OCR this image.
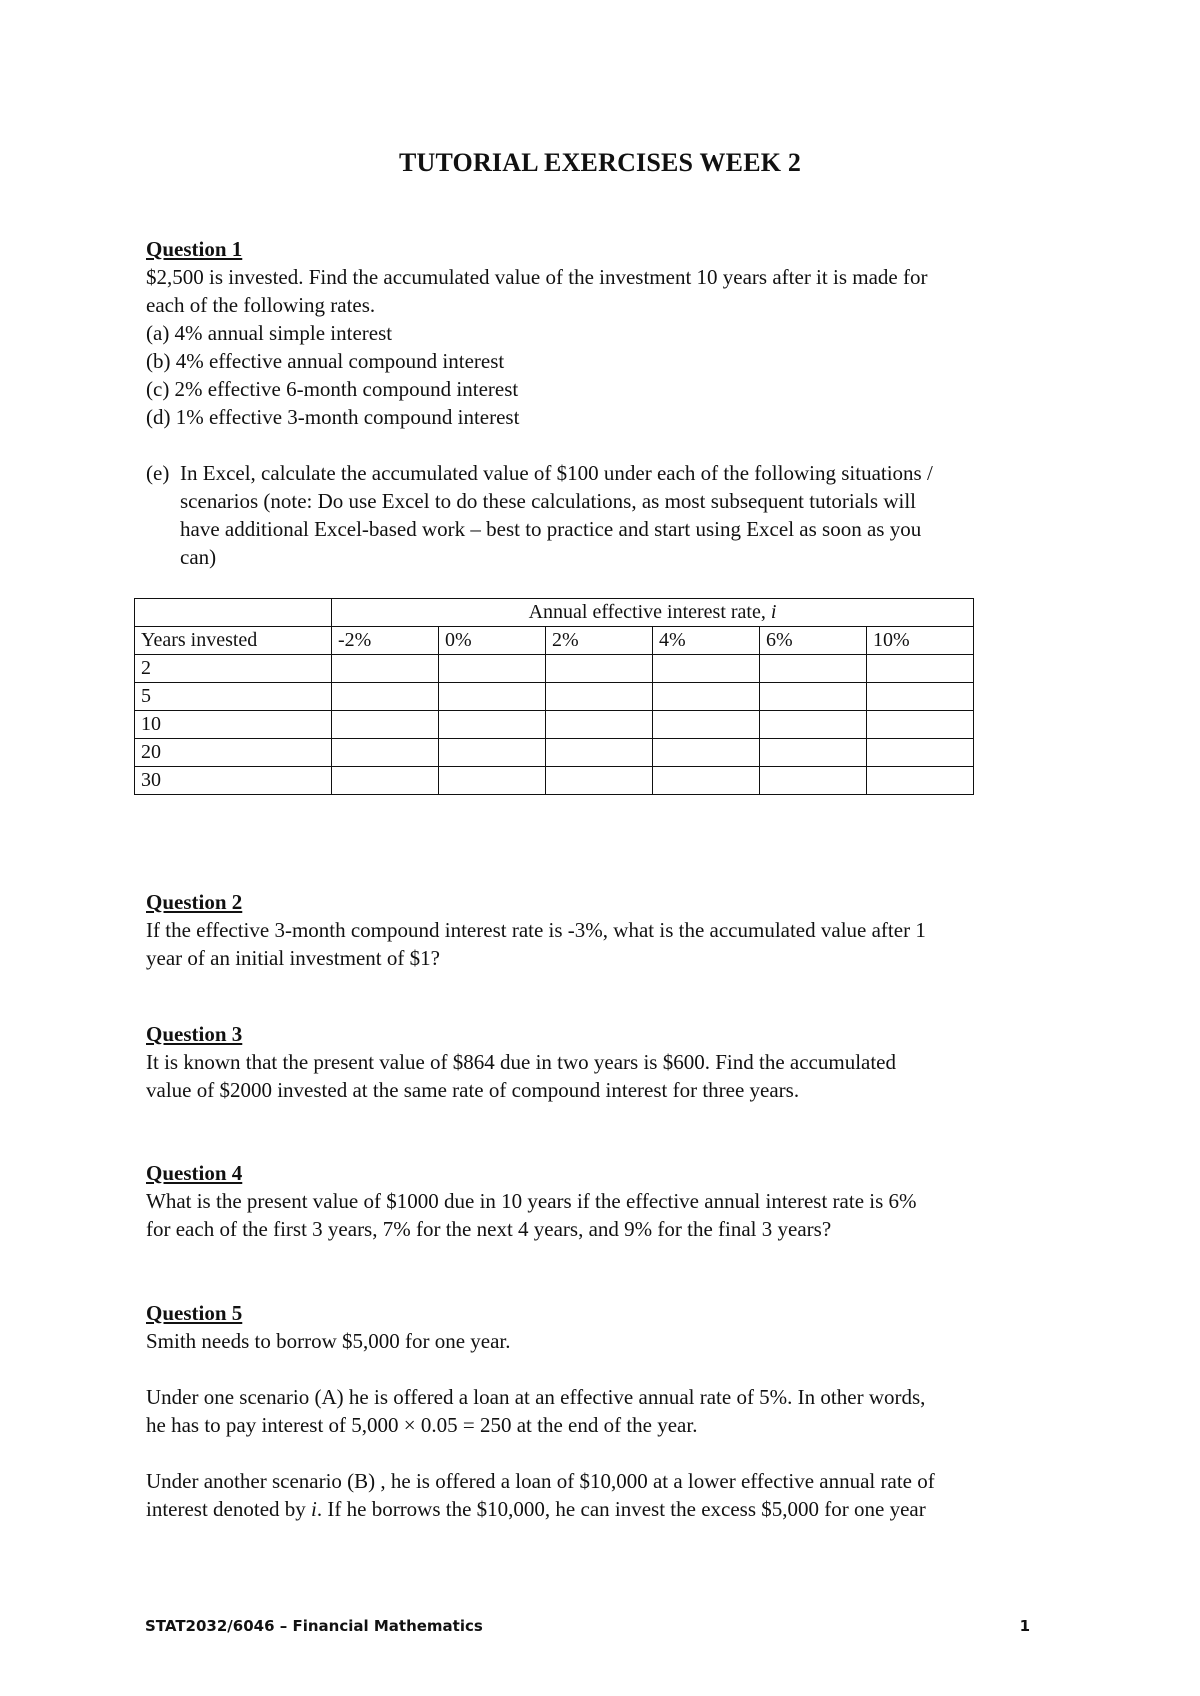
TUTORIAL EXERCISES WEEK 2
Question 1
$2,500 is invested. Find the accumulated value of the investment 10 years after it is made for
each of the following rates.
(a) 4% annual simple interest
(b) 4% effective annual compound interest
(c) 2% effective 6-month compound interest
(d) 1% effective 3-month compound interest
(e) In Excel, calculate the accumulated value of $100 under each of the following situations /
scenarios (note: Do use Excel to do these calculations, as most subsequent tutorials will
have additional Excel-based work – best to practice and start using Excel as soon as you
can)
	Annual effective interest rate, i					
Years invested	-2%	0%	2%	4%	6%	10%
2						
5						
10						
20						
30						
Question 2
If the effective 3-month compound interest rate is -3%, what is the accumulated value after 1
year of an initial investment of $1?
Question 3
It is known that the present value of $864 due in two years is $600. Find the accumulated
value of $2000 invested at the same rate of compound interest for three years.
Question 4
What is the present value of $1000 due in 10 years if the effective annual interest rate is 6%
for each of the first 3 years, 7% for the next 4 years, and 9% for the final 3 years?
Question 5
Smith needs to borrow $5,000 for one year.
Under one scenario (A) he is offered a loan at an effective annual rate of 5%. In other words,
he has to pay interest of 5,000 × 0.05 = 250 at the end of the year.
Under another scenario (B) , he is offered a loan of $10,000 at a lower effective annual rate of
interest denoted by i. If he borrows the $10,000, he can invest the excess $5,000 for one year
STAT2032/6046 – Financial Mathematics	1
